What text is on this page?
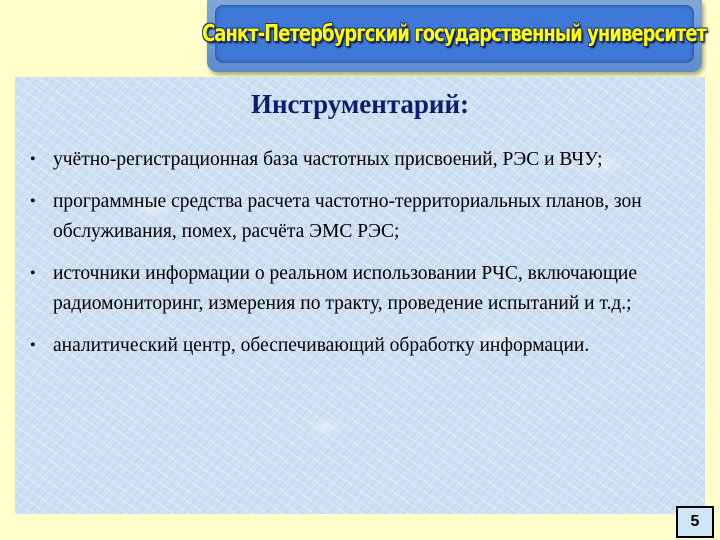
Санкт-Петербургский государственный университет
Инструментарий:
• учётно-регистрационная база частотных присвоений, РЭС и ВЧУ;
• программные средства расчета частотно-территориальных планов, зон обслуживания, помех, расчёта ЭМС РЭС;
• источники информации о реальном использовании РЧС, включающие радиомониторинг, измерения по тракту, проведение испытаний и т.д.;
• аналитический центр, обеспечивающий обработку информации.
5
